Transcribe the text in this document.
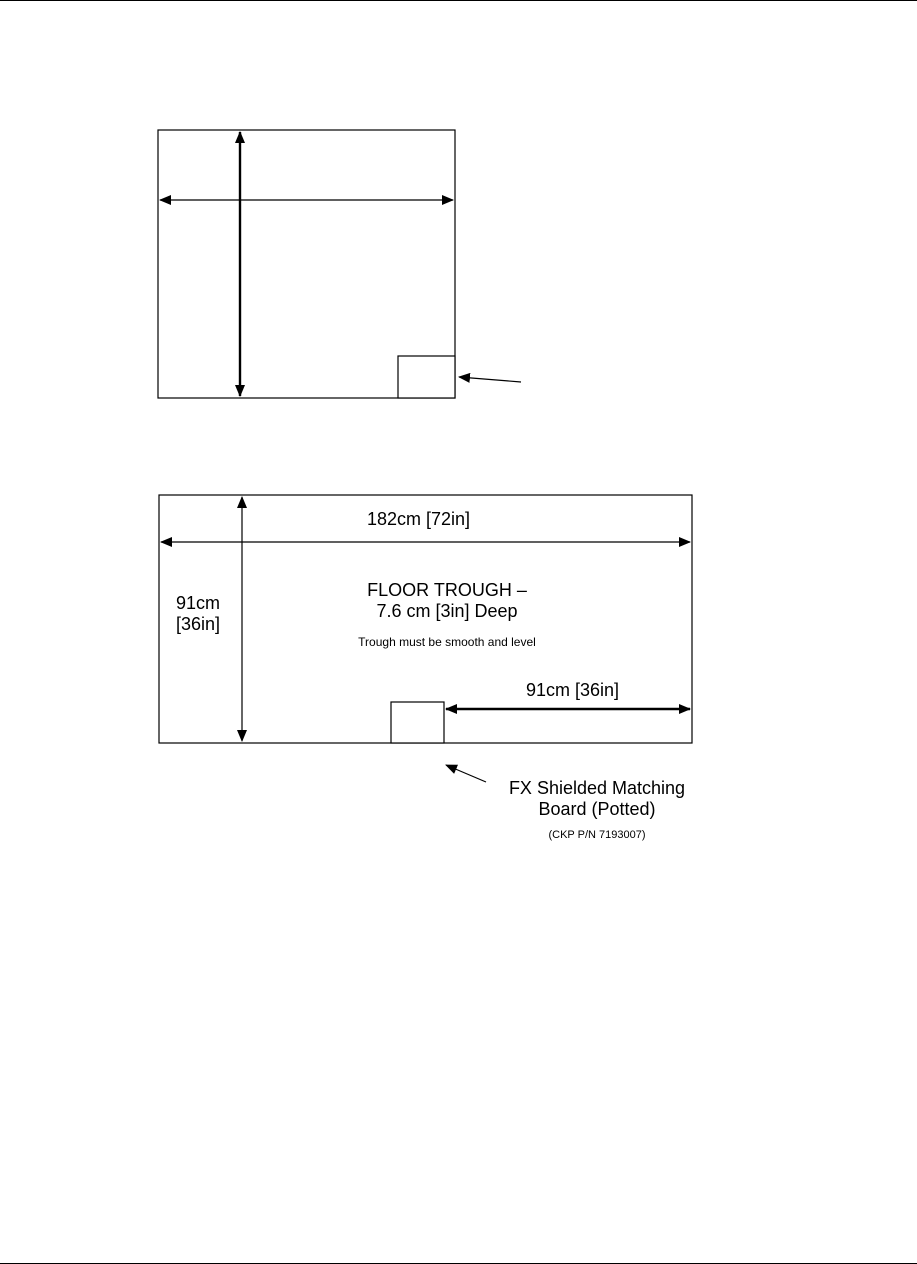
182cm [72in]
91cm
[36in]
FLOOR TROUGH –
7.6 cm [3in] Deep
Trough must be smooth and level
91cm [36in]
FX Shielded Matching
Board (Potted)
(CKP P/N 7193007)
